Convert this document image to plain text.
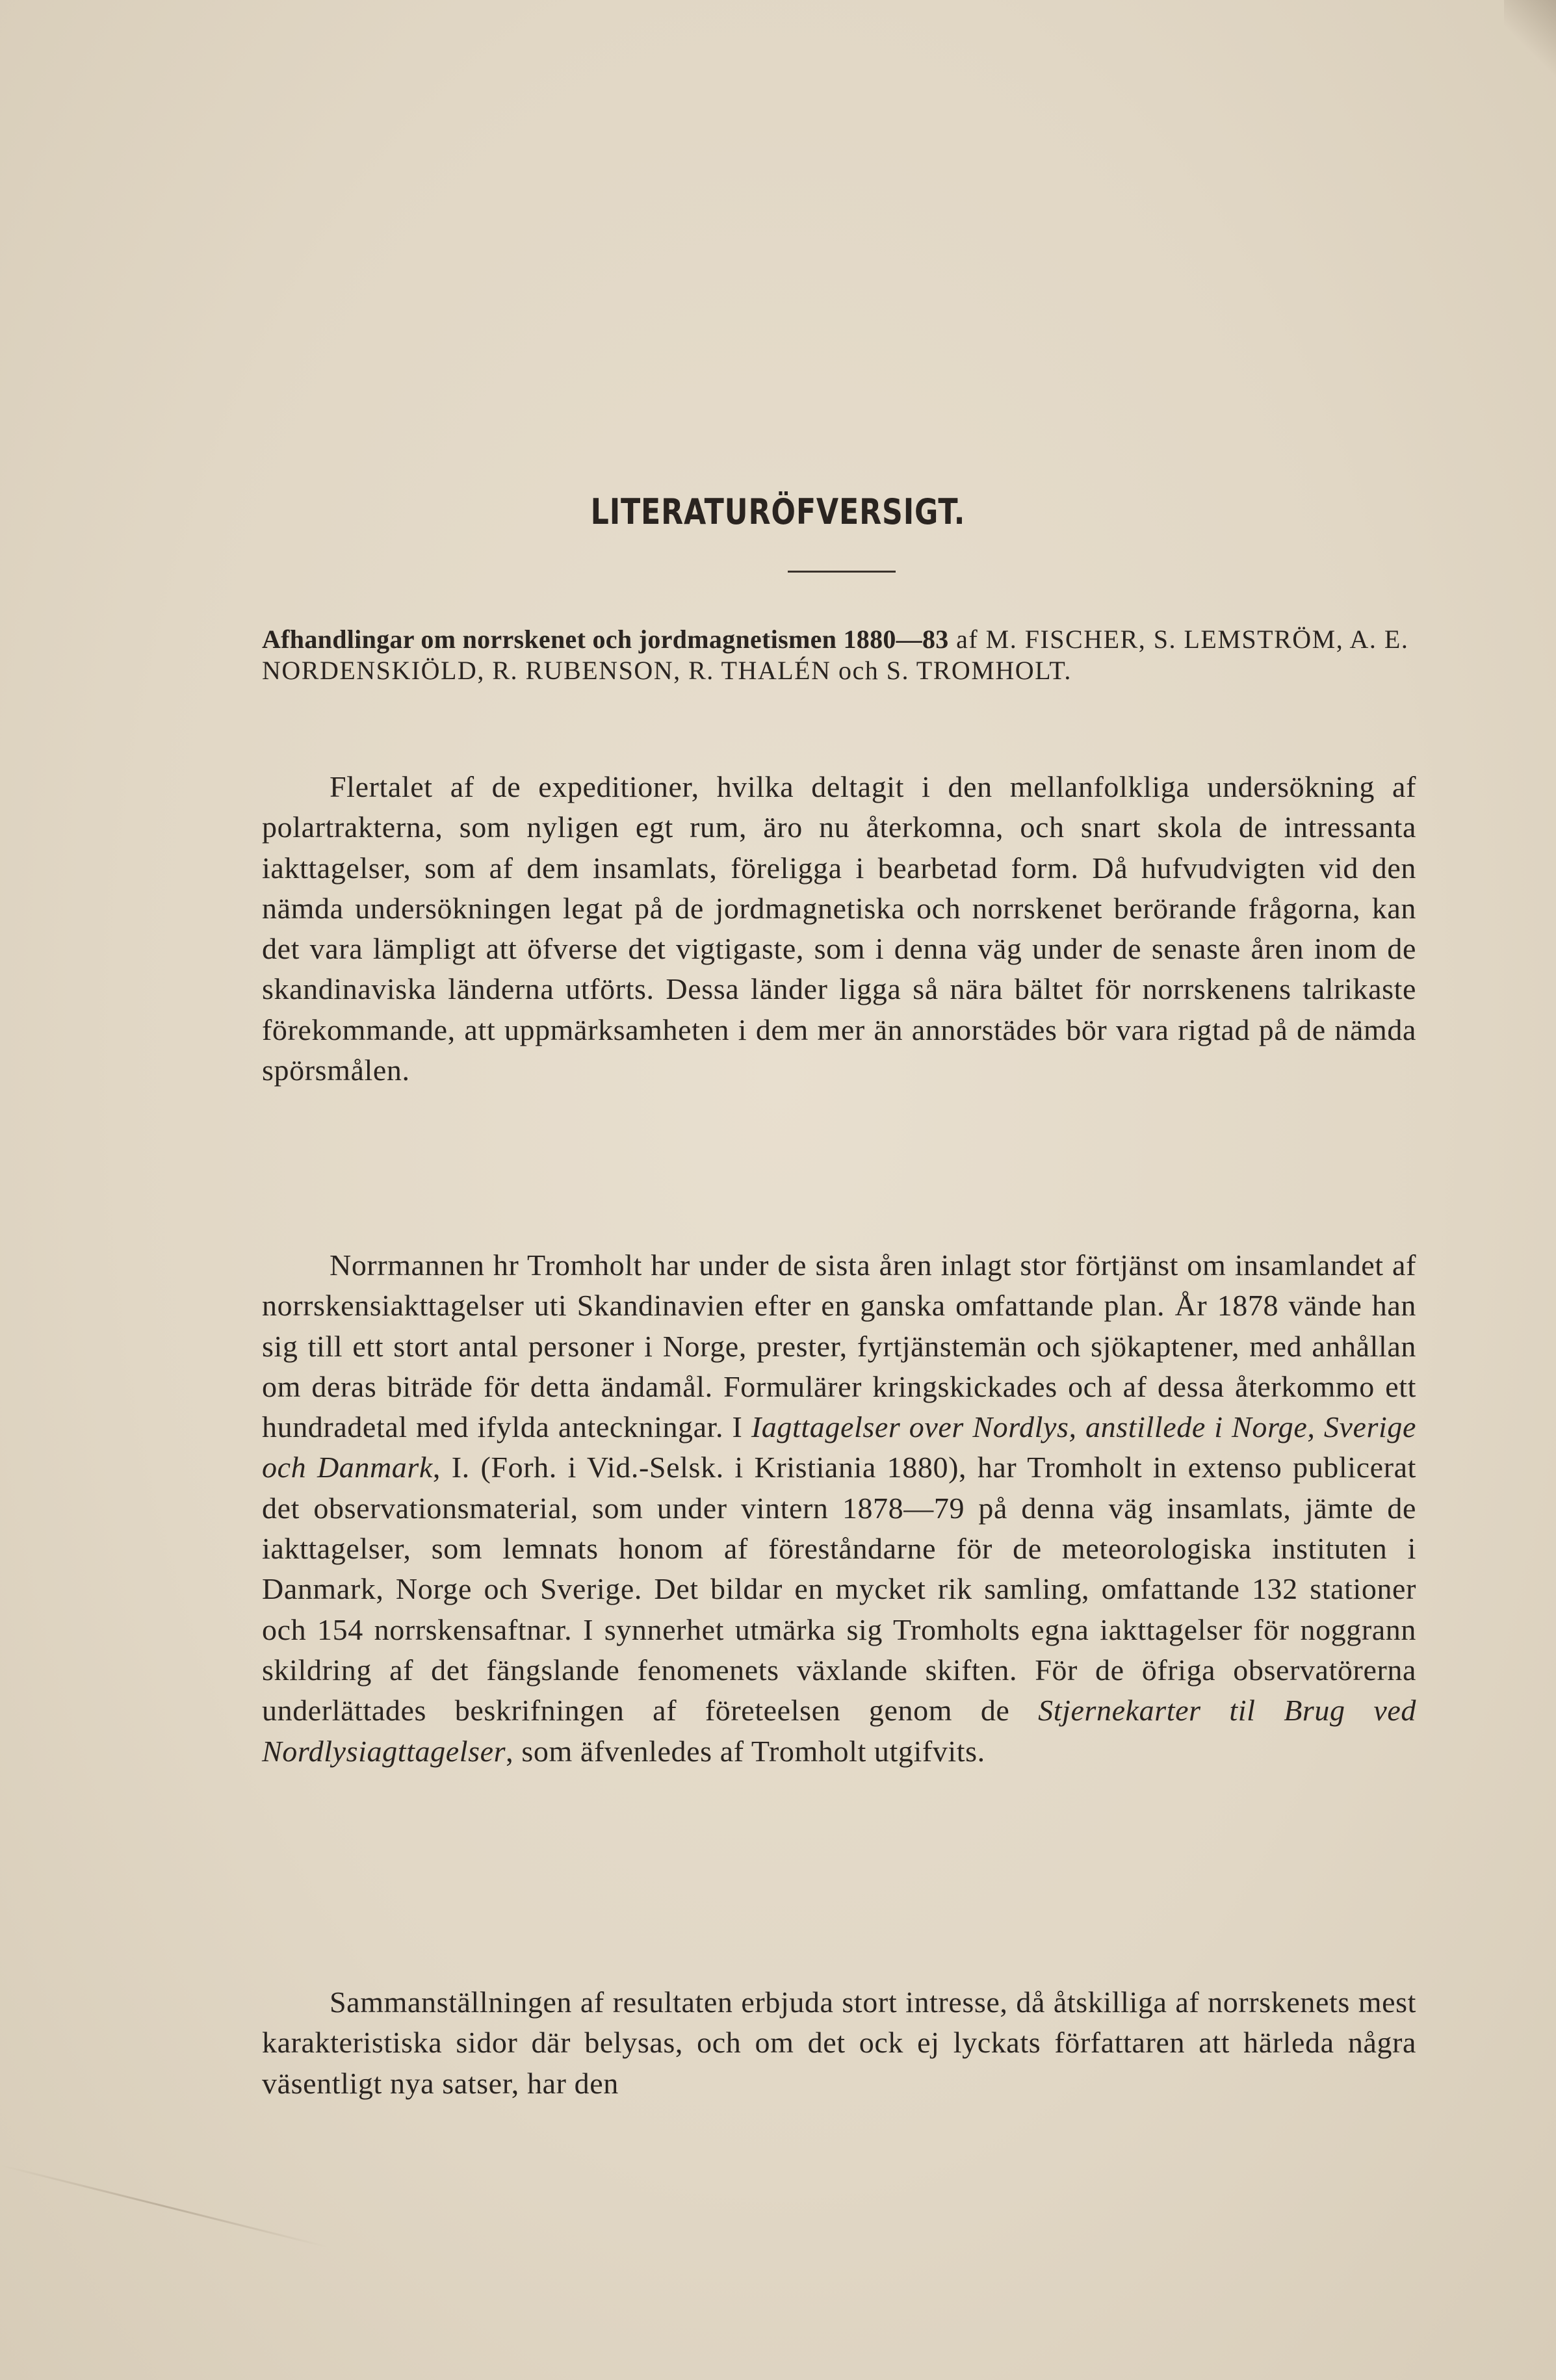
LITERATURÖFVERSIGT.

Afhandlingar om norrskenet och jordmagnetismen 1880—83 af M. FISCHER, S. LEMSTRÖM, A. E. NORDENSKIÖLD, R. RUBENSON, R. THALÉN och S. TROMHOLT.

Flertalet af de expeditioner, hvilka deltagit i den mellanfolkliga undersökning af polartrakterna, som nyligen egt rum, äro nu återkomna, och snart skola de intressanta iakttagelser, som af dem insamlats, föreligga i bearbetad form. Då hufvudvigten vid den nämda undersökningen legat på de jordmagnetiska och norrskenet berörande frågorna, kan det vara lämpligt att öfverse det vigtigaste, som i denna väg under de senaste åren inom de skandinaviska länderna utförts. Dessa länder ligga så nära bältet för norrskenens talrikaste förekommande, att uppmärksamheten i dem mer än annorstädes bör vara rigtad på de nämda spörsmålen.

Norrmannen hr Tromholt har under de sista åren inlagt stor förtjänst om insamlandet af norrskensiakttagelser uti Skandinavien efter en ganska omfattande plan. År 1878 vände han sig till ett stort antal personer i Norge, prester, fyrtjänstemän och sjökaptener, med anhållan om deras biträde för detta ändamål. Formulärer kringskickades och af dessa återkommo ett hundradetal med ifylda anteckningar. I Iagttagelser over Nordlys, anstillede i Norge, Sverige och Danmark, I. (Forh. i Vid.-Selsk. i Kristiania 1880), har Tromholt in extenso publicerat det observationsmaterial, som under vintern 1878—79 på denna väg insamlats, jämte de iakttagelser, som lemnats honom af föreståndarne för de meteorologiska instituten i Danmark, Norge och Sverige. Det bildar en mycket rik samling, omfattande 132 stationer och 154 norrskensaftnar. I synnerhet utmärka sig Tromholts egna iakttagelser för noggrann skildring af det fängslande fenomenets växlande skiften. För de öfriga observatörerna underlättades beskrifningen af företeelsen genom de Stjernekarter til Brug ved Nordlysiagttagelser, som äfvenledes af Tromholt utgifvits.

Sammanställningen af resultaten erbjuda stort intresse, då åtskilliga af norrskenets mest karakteristiska sidor där belysas, och om det ock ej lyckats författaren att härleda några väsentligt nya satser, har den
